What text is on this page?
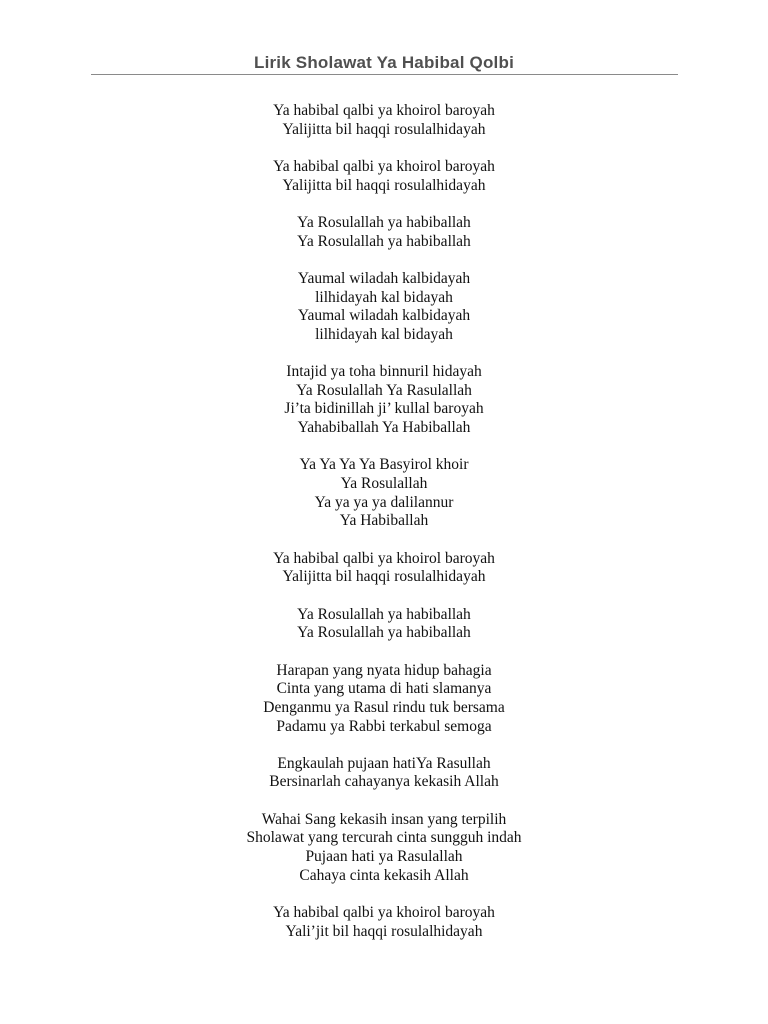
Lirik Sholawat Ya Habibal Qolbi
Ya habibal qalbi ya khoirol baroyah
Yalijitta bil haqqi rosulalhidayah
Ya habibal qalbi ya khoirol baroyah
Yalijitta bil haqqi rosulalhidayah
Ya Rosulallah ya habiballah
Ya Rosulallah ya habiballah
Yaumal wiladah kalbidayah
lilhidayah kal bidayah
Yaumal wiladah kalbidayah
lilhidayah kal bidayah
Intajid ya toha binnuril hidayah
Ya Rosulallah Ya Rasulallah
Ji’ta bidinillah ji’ kullal baroyah
Yahabiballah Ya Habiballah
Ya Ya Ya Ya Basyirol khoir
Ya Rosulallah
Ya ya ya ya dalilannur
Ya Habiballah
Ya habibal qalbi ya khoirol baroyah
Yalijitta bil haqqi rosulalhidayah
Ya Rosulallah ya habiballah
Ya Rosulallah ya habiballah
Harapan yang nyata hidup bahagia
Cinta yang utama di hati slamanya
Denganmu ya Rasul rindu tuk bersama
Padamu ya Rabbi terkabul semoga
Engkaulah pujaan hatiYa Rasullah
Bersinarlah cahayanya kekasih Allah
Wahai Sang kekasih insan yang terpilih
Sholawat yang tercurah cinta sungguh indah
Pujaan hati ya Rasulallah
Cahaya cinta kekasih Allah
Ya habibal qalbi ya khoirol baroyah
Yali’jit bil haqqi rosulalhidayah
